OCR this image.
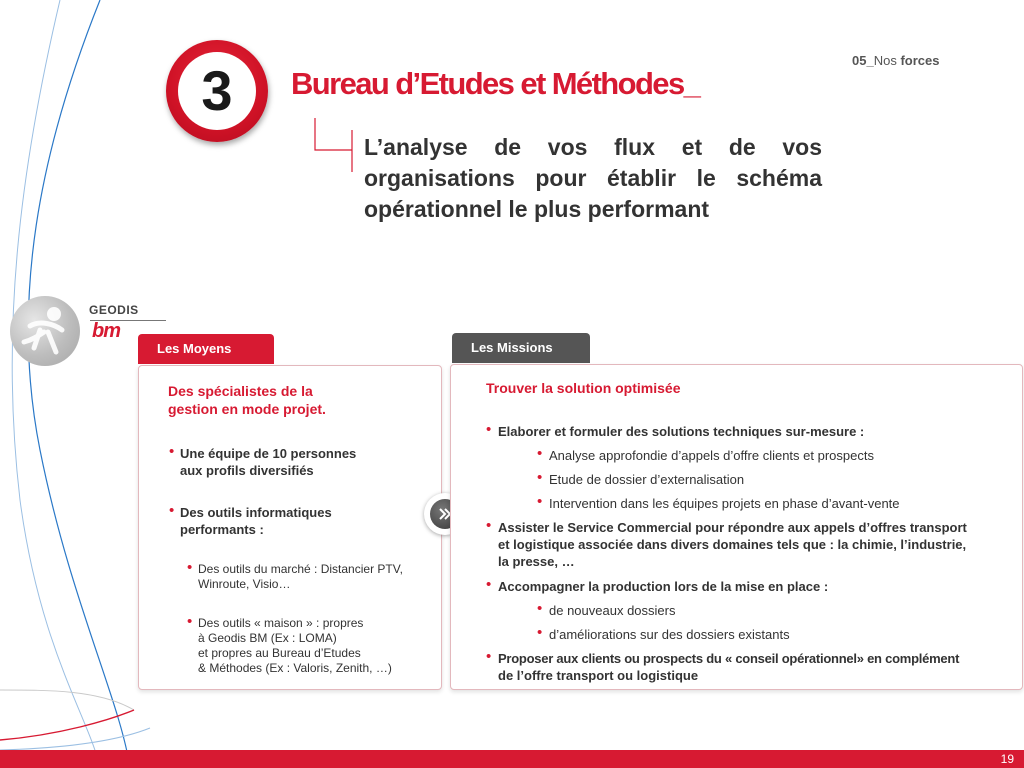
3 Bureau d’Etudes et Méthodes_
05_Nos forces

L’analyse de vos flux et de vos organisations pour établir le schéma opérationnel le plus performant

GEODIS
bm
Les Moyens
Des spécialistes de la
gestion en mode projet.
• Une équipe de 10 personnes
aux profils diversifiés
• Des outils informatiques
performants :
• Des outils du marché : Distancier PTV,
Winroute, Visio…
• Des outils « maison » : propres
à Geodis BM (Ex : LOMA)
et propres au Bureau d’Etudes
& Méthodes (Ex : Valoris, Zenith, …)
Les Missions
Trouver la solution optimisée
• Elaborer et formuler des solutions techniques sur-mesure :
• Analyse approfondie d’appels d’offre clients et prospects
• Etude de dossier d’externalisation
• Intervention dans les équipes projets en phase d’avant-vente
• Assister le Service Commercial pour répondre aux appels d’offres transport
et logistique associée dans divers domaines tels que : la chimie, l’industrie,
la presse, …
• Accompagner la production lors de la mise en place :
• de nouveaux dossiers
• d’améliorations sur des dossiers existants
• Proposer aux clients ou prospects du « conseil opérationnel» en complément
de l’offre transport ou logistique
19
